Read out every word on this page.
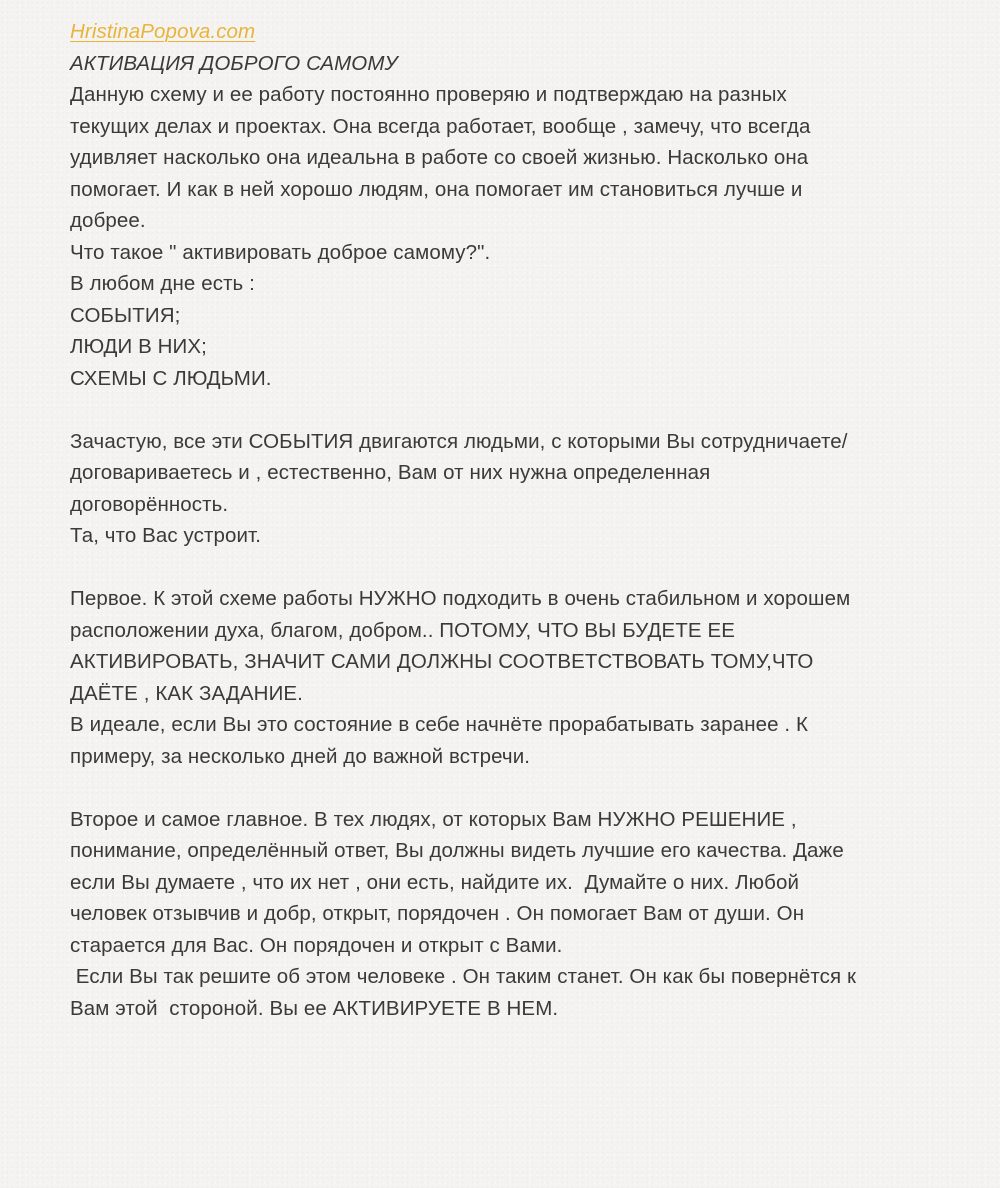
HristinaPopova.com
АКТИВАЦИЯ ДОБРОГО САМОМУ
Данную схему и ее работу постоянно проверяю и подтверждаю на разных
текущих делах и проектах. Она всегда работает, вообще , замечу, что всегда
удивляет насколько она идеальна в работе со своей жизнью. Насколько она
помогает. И как в ней хорошо людям, она помогает им становиться лучше и
добрее.
Что такое " активировать доброе самому?".
В любом дне есть :
СОБЫТИЯ;
ЛЮДИ В НИХ;
СХЕМЫ С ЛЮДЬМИ.
Зачастую, все эти СОБЫТИЯ двигаются людьми, с которыми Вы сотрудничаете/
договариваетесь и , естественно, Вам от них нужна определенная
договорённость.
Та, что Вас устроит.
Первое. К этой схеме работы НУЖНО подходить в очень стабильном и хорошем
расположении духа, благом, добром.. ПОТОМУ, ЧТО ВЫ БУДЕТЕ ЕЕ
АКТИВИРОВАТЬ, ЗНАЧИТ САМИ ДОЛЖНЫ СООТВЕТСТВОВАТЬ ТОМУ,ЧТО
ДАЁТЕ , КАК ЗАДАНИЕ.
В идеале, если Вы это состояние в себе начнёте прорабатывать заранее . К
примеру, за несколько дней до важной встречи.
Второе и самое главное. В тех людях, от которых Вам НУЖНО РЕШЕНИЕ ,
понимание, определённый ответ, Вы должны видеть лучшие его качества. Даже
если Вы думаете , что их нет , они есть, найдите их.  Думайте о них. Любой
человек отзывчив и добр, открыт, порядочен . Он помогает Вам от души. Он
старается для Вас. Он порядочен и открыт с Вами.
Если Вы так решите об этом человеке . Он таким станет. Он как бы повернётся к
Вам этой  стороной. Вы ее АКТИВИРУЕТЕ В НЕМ.
